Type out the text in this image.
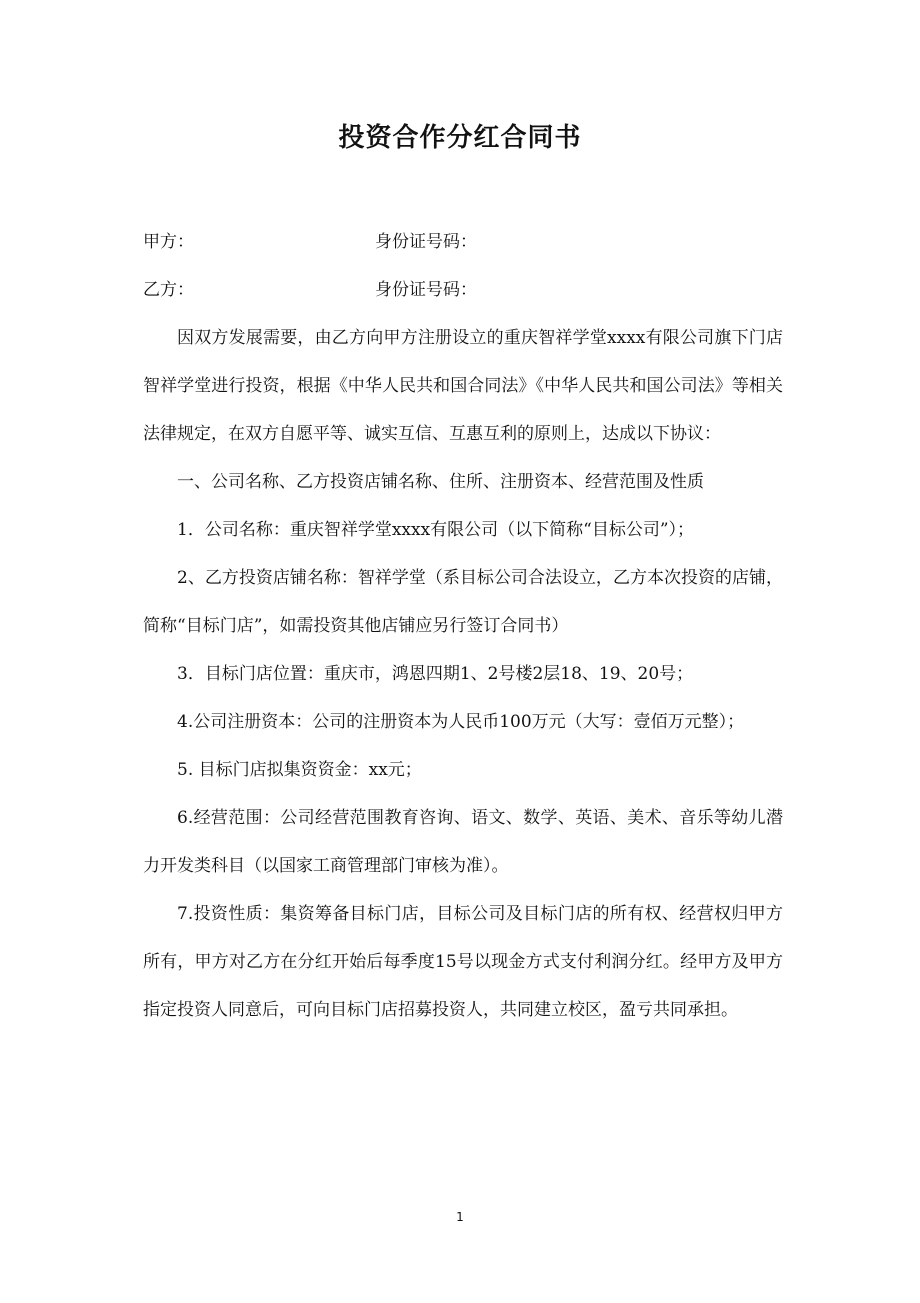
投资合作分红合同书
甲方：	身份证号码：
乙方：	身份证号码：

因双方发展需要，由乙方向甲方注册设立的重庆智祥学堂xxxx有限公司旗下门店智祥学堂进行投资，根据《中华人民共和国合同法》《中华人民共和国公司法》等相关法律规定，在双方自愿平等、诚实互信、互惠互利的原则上，达成以下协议：

一、公司名称、乙方投资店铺名称、住所、注册资本、经营范围及性质

1．公司名称：重庆智祥学堂xxxx有限公司（以下简称“目标公司”）；

2、乙方投资店铺名称：智祥学堂（系目标公司合法设立，乙方本次投资的店铺，简称“目标门店”，如需投资其他店铺应另行签订合同书）

3．目标门店位置：重庆市，鸿恩四期1、2号楼2层18、19、20号；

4.公司注册资本：公司的注册资本为人民币100万元（大写：壹佰万元整）；

5. 目标门店拟集资资金：xx元；

6.经营范围：公司经营范围教育咨询、语文、数学、英语、美术、音乐等幼儿潜力开发类科目（以国家工商管理部门审核为准）。

7.投资性质：集资筹备目标门店，目标公司及目标门店的所有权、经营权归甲方所有，甲方对乙方在分红开始后每季度15号以现金方式支付利润分红。经甲方及甲方指定投资人同意后，可向目标门店招募投资人，共同建立校区，盈亏共同承担。

1
